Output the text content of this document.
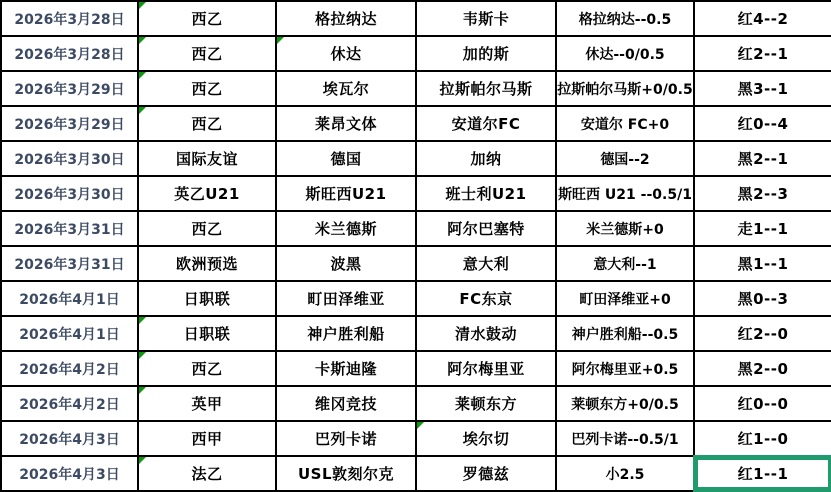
2026年3月28日	西乙	格拉纳达	韦斯卡	格拉纳达--0.5	红4--2
2026年3月28日	西乙	休达	加的斯	休达--0/0.5	红2--1
2026年3月29日	西乙	埃瓦尔	拉斯帕尔马斯	拉斯帕尔马斯+0/0.5	黑3--1
2026年3月29日	西乙	莱昂文体	安道尔FC	安道尔 FC+0	红0--4
2026年3月30日	国际友谊	德国	加纳	德国--2	黑2--1
2026年3月30日	英乙U21	斯旺西U21	班士利U21	斯旺西 U21 --0.5/1	黑2--3
2026年3月31日	西乙	米兰德斯	阿尔巴塞特	米兰德斯+0	走1--1
2026年3月31日	欧洲预选	波黑	意大利	意大利--1	黑1--1
2026年4月1日	日职联	町田泽维亚	FC东京	町田泽维亚+0	黑0--3
2026年4月1日	日职联	神户胜利船	清水鼓动	神户胜利船--0.5	红2--0
2026年4月2日	西乙	卡斯迪隆	阿尔梅里亚	阿尔梅里亚+0.5	黑2--0
2026年4月2日	英甲	维冈竞技	莱顿东方	莱顿东方+0/0.5	红0--0
2026年4月3日	西甲	巴列卡诺	埃尔切	巴列卡诺--0.5/1	红1--0
2026年4月3日	法乙	USL敦刻尔克	罗德兹	小2.5	红1--1
